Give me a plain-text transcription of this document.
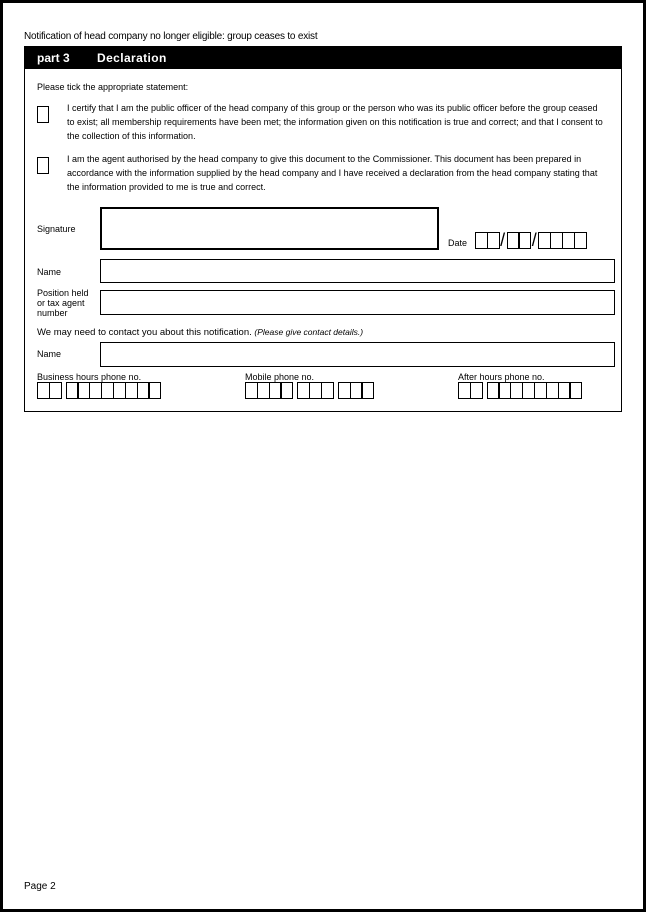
Notification of head company no longer eligible: group ceases to exist
part 3 Declaration
Please tick the appropriate statement:
I certify that I am the public officer of the head company of this group or the person who was its public officer before the group ceased to exist; all membership requirements have been met; the information given on this notification is true and correct; and that I consent to the collection of this information.
I am the agent authorised by the head company to give this document to the Commissioner. This document has been prepared in accordance with the information supplied by the head company and I have received a declaration from the head company stating that the information provided to me is true and correct.
Signature
Date / /
Name
Position held or tax agent number
We may need to contact you about this notification. (Please give contact details.)
Name
Business hours phone no.	Mobile phone no.	After hours phone no.
Page 2
